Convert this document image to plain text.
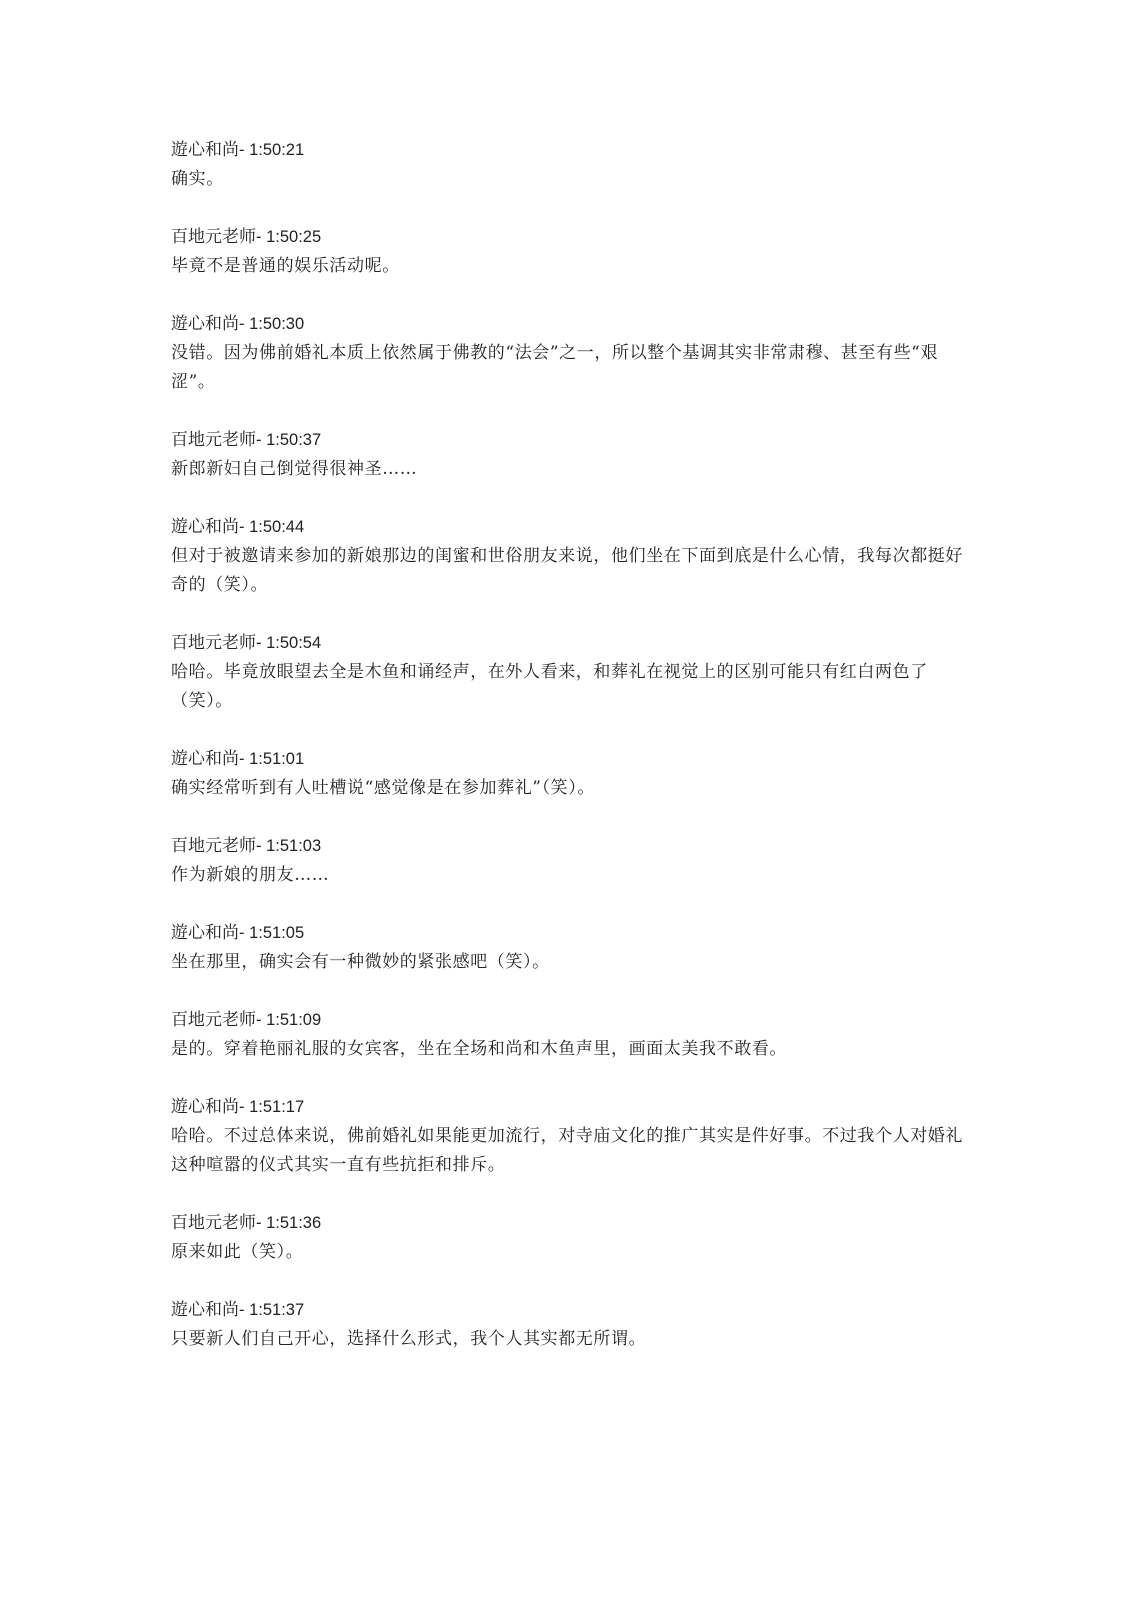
遊心和尚- 1:50:21
确实。
百地元老师- 1:50:25
毕竟不是普通的娱乐活动呢。
遊心和尚- 1:50:30
没错。因为佛前婚礼本质上依然属于佛教的“法会”之一，所以整个基调其实非常肃穆、甚至有些“艰涩”。
百地元老师- 1:50:37
新郎新妇自己倒觉得很神圣……
遊心和尚- 1:50:44
但对于被邀请来参加的新娘那边的闺蜜和世俗朋友来说，他们坐在下面到底是什么心情，我每次都挺好奇的（笑）。
百地元老师- 1:50:54
哈哈。毕竟放眼望去全是木鱼和诵经声，在外人看来，和葬礼在视觉上的区别可能只有红白两色了（笑）。
遊心和尚- 1:51:01
确实经常听到有人吐槽说“感觉像是在参加葬礼”（笑）。
百地元老师- 1:51:03
作为新娘的朋友……
遊心和尚- 1:51:05
坐在那里，确实会有一种微妙的紧张感吧（笑）。
百地元老师- 1:51:09
是的。穿着艳丽礼服的女宾客，坐在全场和尚和木鱼声里，画面太美我不敢看。
遊心和尚- 1:51:17
哈哈。不过总体来说，佛前婚礼如果能更加流行，对寺庙文化的推广其实是件好事。不过我个人对婚礼这种喧嚣的仪式其实一直有些抗拒和排斥。
百地元老师- 1:51:36
原来如此（笑）。
遊心和尚- 1:51:37
只要新人们自己开心，选择什么形式，我个人其实都无所谓。
